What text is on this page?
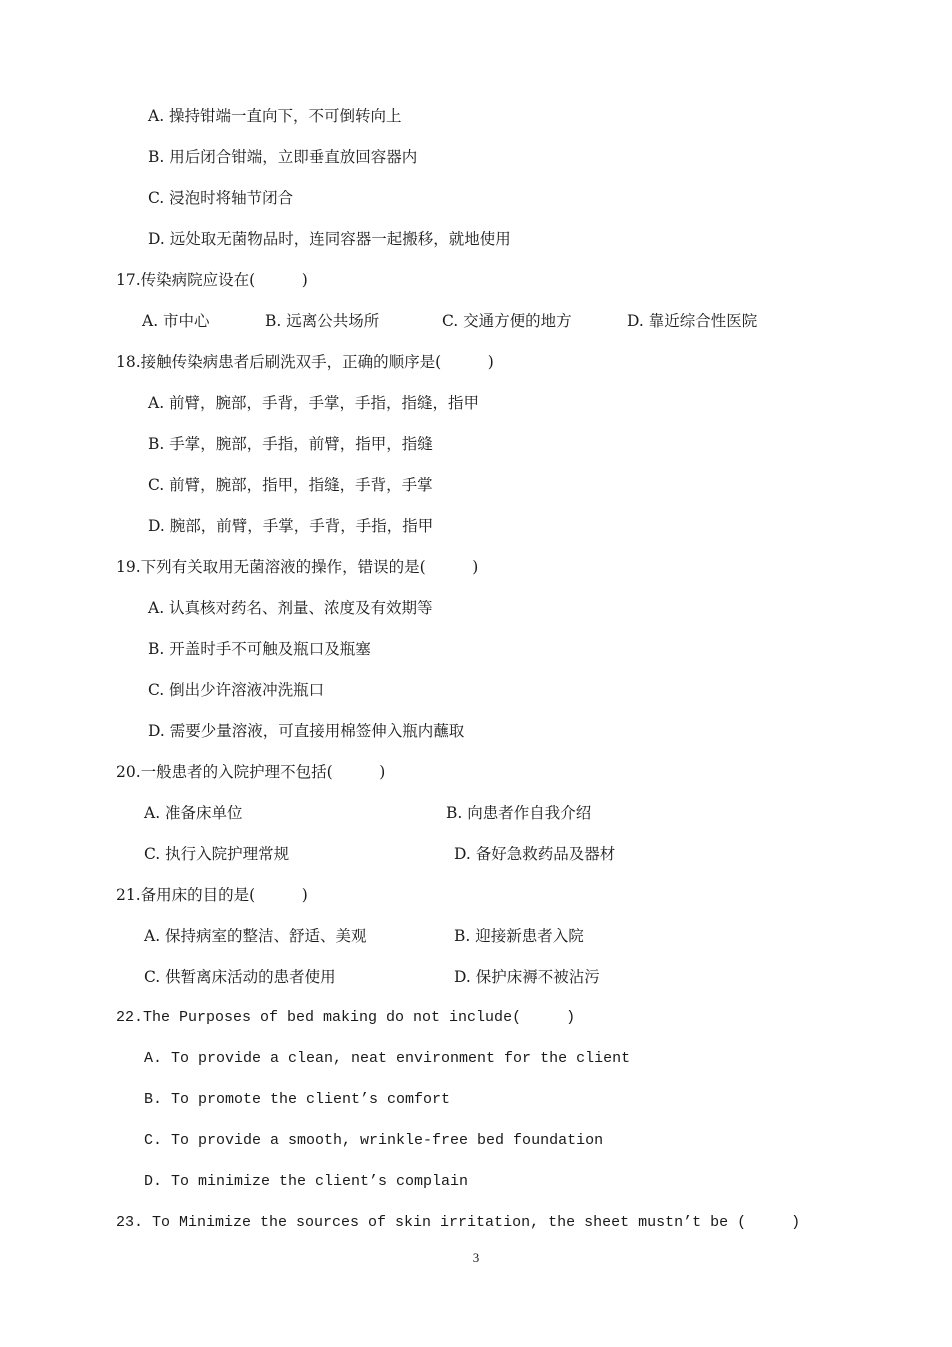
A. 操持钳端一直向下，不可倒转向上
B. 用后闭合钳端，立即垂直放回容器内
C. 浸泡时将轴节闭合
D. 远处取无菌物品时，连同容器一起搬移，就地使用
17.传染病院应设在(　　　)
A. 市中心	B. 远离公共场所	C. 交通方便的地方	D. 靠近综合性医院
18.接触传染病患者后刷洗双手，正确的顺序是(　　　)
A. 前臂，腕部，手背，手掌，手指，指缝，指甲
B. 手掌，腕部，手指，前臂，指甲，指缝
C. 前臂，腕部，指甲，指缝，手背，手掌
D. 腕部，前臂，手掌，手背，手指，指甲
19.下列有关取用无菌溶液的操作，错误的是(　　　)
A. 认真核对药名、剂量、浓度及有效期等
B. 开盖时手不可触及瓶口及瓶塞
C. 倒出少许溶液冲洗瓶口
D. 需要少量溶液，可直接用棉签伸入瓶内蘸取
20.一般患者的入院护理不包括(　　　)
A. 准备床单位	B. 向患者作自我介绍
C. 执行入院护理常规	D. 备好急救药品及器材
21.备用床的目的是(　　　)
A. 保持病室的整洁、舒适、美观	B. 迎接新患者入院
C. 供暂离床活动的患者使用	D. 保护床褥不被沾污
22.The Purposes of bed making do not include(　　　)
A. To provide a clean, neat environment for the client
B. To promote the client’s comfort
C. To provide a smooth, wrinkle-free bed foundation
D. To minimize the client’s complain
23. To Minimize the sources of skin irritation, the sheet mustn’t be (　　　)
3
